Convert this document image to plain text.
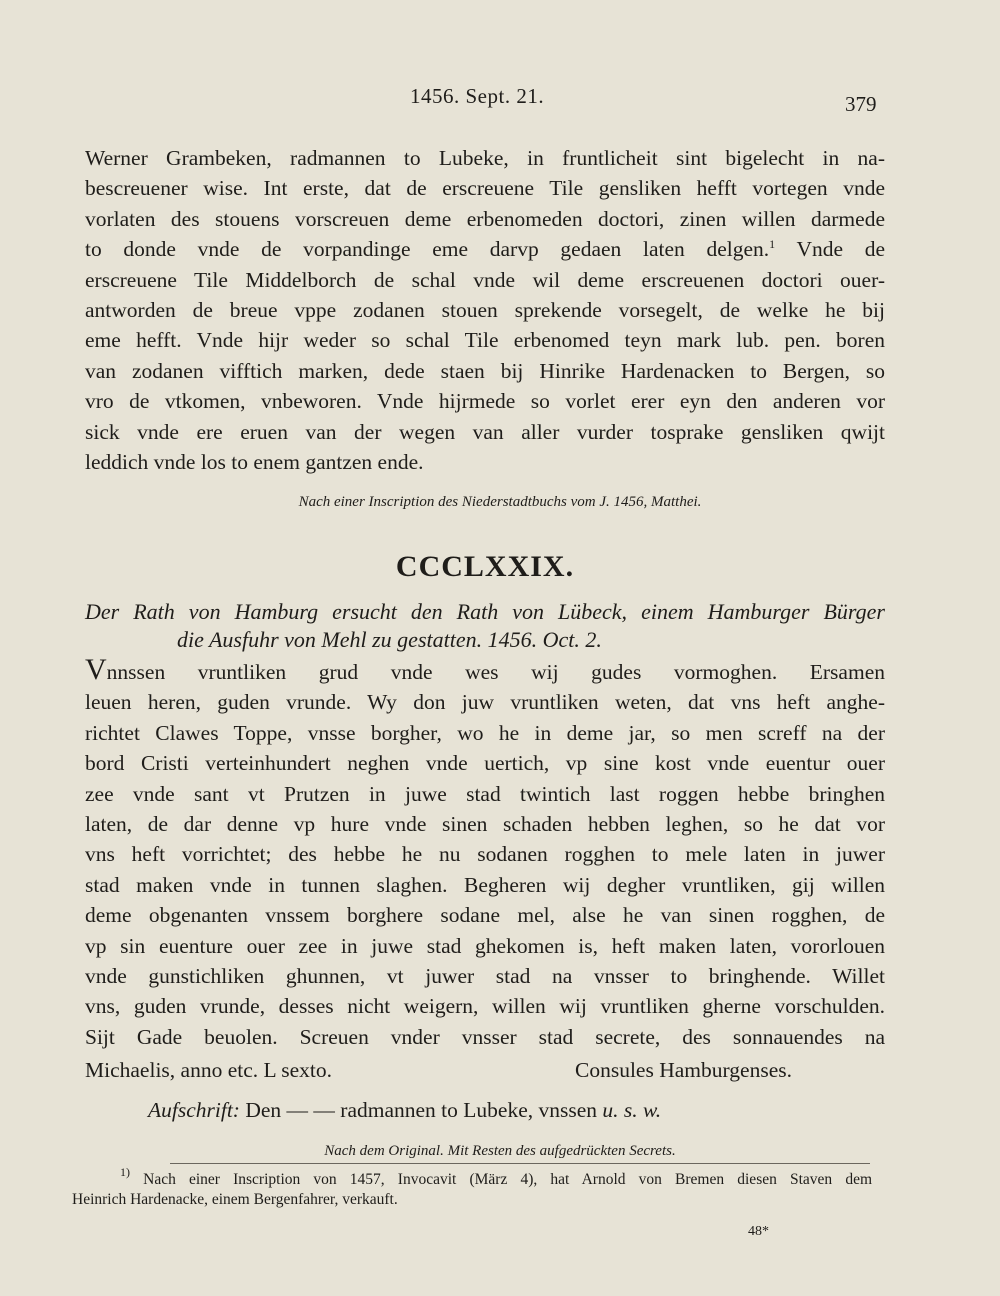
1456. Sept. 21.	379
Werner Grambeken, radmannen to Lubeke, in fruntlicheit sint bigelecht in na-
bescreuener wise. Int erste, dat de erscreuene Tile gensliken hefft vortegen vnde
vorlaten des stouens vorscreuen deme erbenomeden doctori, zinen willen darmede
to donde vnde de vorpandinge eme darvp gedaen laten delgen.$^1$ Vnde de
erscreuene Tile Middelborch de schal vnde wil deme erscreuenen doctori ouer-
antworden de breue vppe zodanen stouen sprekende vorsegelt, de welke he bij
eme hefft. Vnde hijr weder so schal Tile erbenomed teyn mark lub. pen. boren
van zodanen vifftich marken, dede staen bij Hinrike Hardenacken to Bergen, so
vro de vtkomen, vnbeworen. Vnde hijrmede so vorlet erer eyn den anderen vor
sick vnde ere eruen van der wegen van aller vurder tosprake gensliken qwijt
leddich vnde los to enem gantzen ende.
Nach einer Inscription des Niederstadtbuchs vom J. 1456, Matthei.
CCCLXXIX.
Der Rath von Hamburg ersucht den Rath von Lübeck, einem Hamburger Bürger
die Ausfuhr von Mehl zu gestatten. 1456. Oct. 2.
Vnnssen vruntliken grud vnde wes wij gudes vormoghen. Ersamen
leuen heren, guden vrunde. Wy don juw vruntliken weten, dat vns heft anghe-
richtet Clawes Toppe, vnsse borgher, wo he in deme jar, so men screff na der
bord Cristi verteinhundert neghen vnde uertich, vp sine kost vnde euentur ouer
zee vnde sant vt Prutzen in juwe stad twintich last roggen hebbe bringhen
laten, de dar denne vp hure vnde sinen schaden hebben leghen, so he dat vor
vns heft vorrichtet; des hebbe he nu sodanen rogghen to mele laten in juwer
stad maken vnde in tunnen slaghen. Begheren wij degher vruntliken, gij willen
deme obgenanten vnssem borghere sodane mel, alse he van sinen rogghen, de
vp sin euenture ouer zee in juwe stad ghekomen is, heft maken laten, vororlouen
vnde gunstichliken ghunnen, vt juwer stad na vnsser to bringhende. Willet
vns, guden vrunde, desses nicht weigern, willen wij vruntliken gherne vorschulden.
Sijt Gade beuolen. Screuen vnder vnsser stad secrete, des sonnauendes na
Michaelis, anno etc. L sexto.	Consules Hamburgenses.
Aufschrift: Den — — radmannen to Lubeke, vnssen u. s. w.
Nach dem Original. Mit Resten des aufgedrückten Secrets.
$^{1)}$ Nach einer Inscription von 1457, Invocavit (März 4), hat Arnold von Bremen diesen Staven dem
Heinrich Hardenacke, einem Bergenfahrer, verkauft.
48*
